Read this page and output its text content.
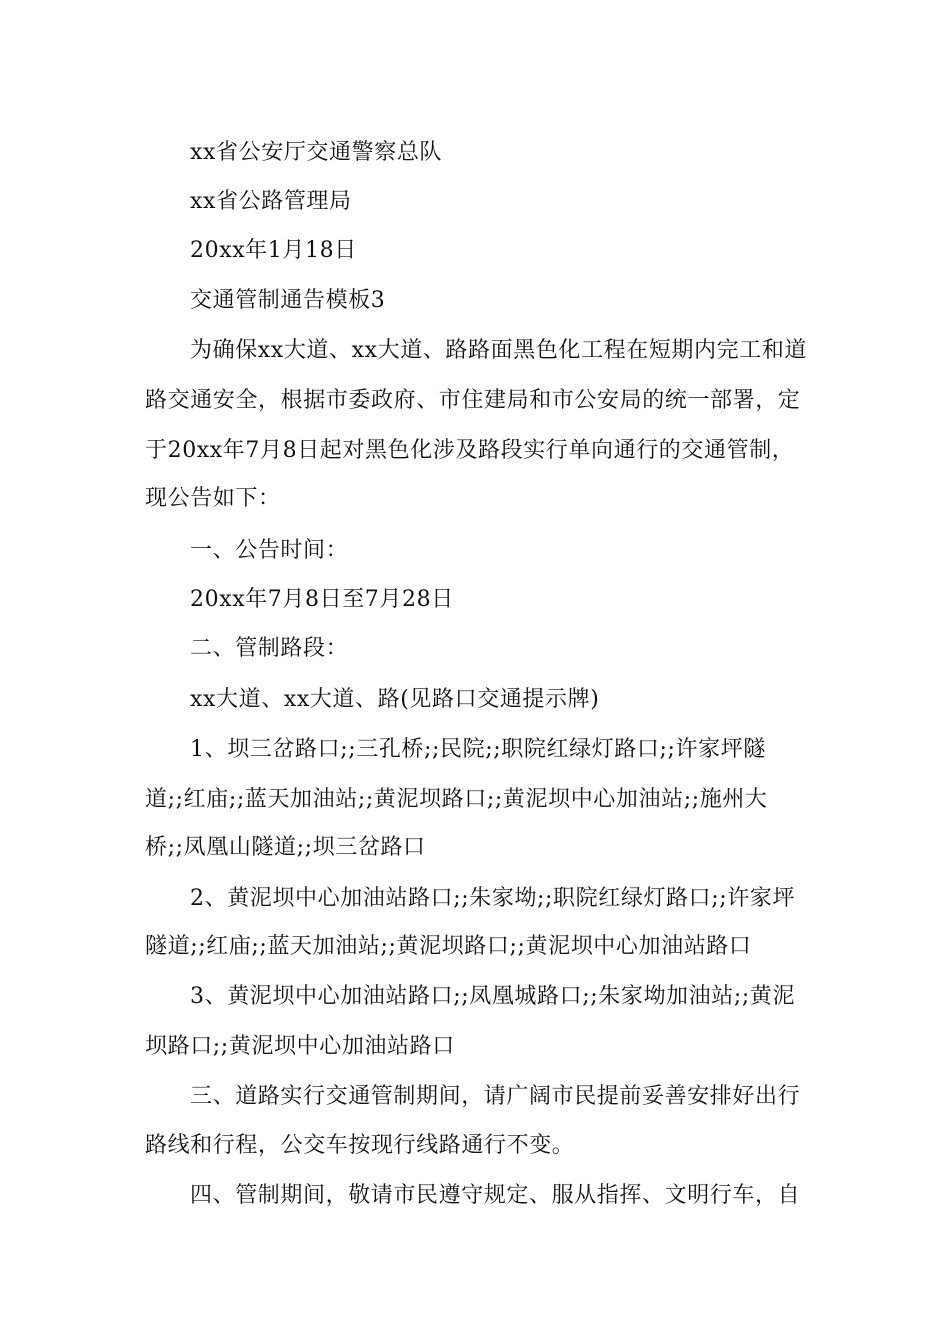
xx省公安厅交通警察总队
xx省公路管理局
20xx年1月18日
交通管制通告模板3
为确保xx大道、xx大道、路路面黑色化工程在短期内完工和道
路交通安全，根据市委政府、市住建局和市公安局的统一部署，定
于20xx年7月8日起对黑色化涉及路段实行单向通行的交通管制，
现公告如下：
一、公告时间：
20xx年7月8日至7月28日
二、管制路段：
xx大道、xx大道、路(见路口交通提示牌)
1、坝三岔路口;;三孔桥;;民院;;职院红绿灯路口;;许家坪隧
道;;红庙;;蓝天加油站;;黄泥坝路口;;黄泥坝中心加油站;;施州大
桥;;凤凰山隧道;;坝三岔路口
2、黄泥坝中心加油站路口;;朱家坳;;职院红绿灯路口;;许家坪
隧道;;红庙;;蓝天加油站;;黄泥坝路口;;黄泥坝中心加油站路口
3、黄泥坝中心加油站路口;;凤凰城路口;;朱家坳加油站;;黄泥
坝路口;;黄泥坝中心加油站路口
三、道路实行交通管制期间，请广阔市民提前妥善安排好出行
路线和行程，公交车按现行线路通行不变。
四、管制期间，敬请市民遵守规定、服从指挥、文明行车，自
